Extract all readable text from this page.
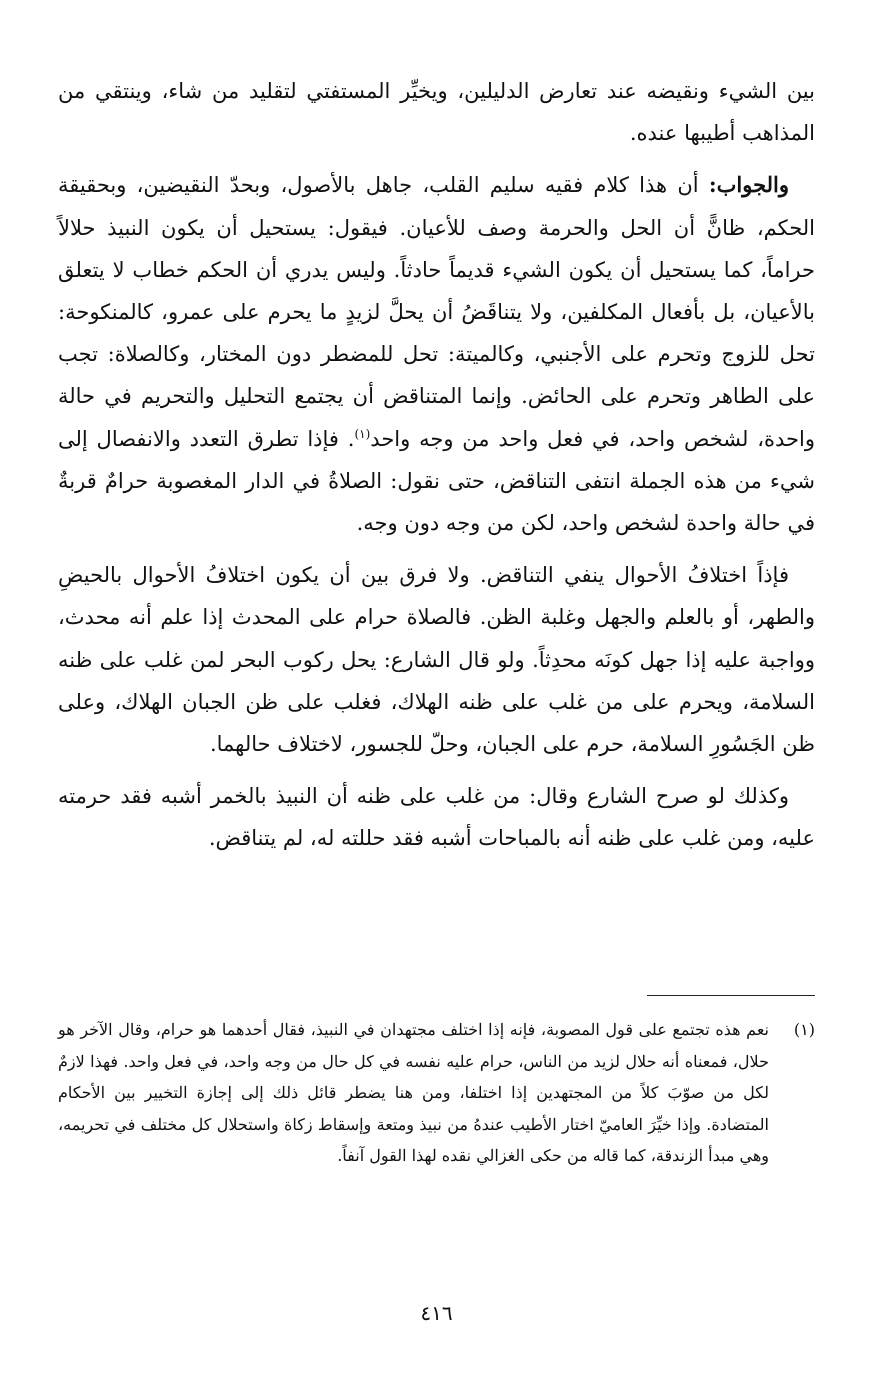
بين الشيء ونقيضه عند تعارض الدليلين، ويخيِّر المستفتي لتقليد من شاء، وينتقي من المذاهب أطيبها عنده.

والجواب: أن هذا كلام فقيه سليم القلب، جاهل بالأصول، وبحدّ النقيضين، وبحقيقة الحكم، ظانًّ أن الحل والحرمة وصف للأعيان. فيقول: يستحيل أن يكون النبيذ حلالاً حراماً، كما يستحيل أن يكون الشيء قديماً حادثاً. وليس يدري أن الحكم خطاب لا يتعلق بالأعيان، بل بأفعال المكلفين، ولا يتناقَضُ أن يحلَّ لزيدٍ ما يحرم على عمرو، كالمنكوحة: تحل للزوج وتحرم على الأجنبي، وكالميتة: تحل للمضطر دون المختار، وكالصلاة: تجب على الطاهر وتحرم على الحائض. وإنما المتناقض أن يجتمع التحليل والتحريم في حالة واحدة، لشخص واحد، في فعل واحد من وجه واحد$^{(١)}$. فإذا تطرق التعدد والانفصال إلى شيء من هذه الجملة انتفى التناقض، حتى نقول: الصلاةُ في الدار المغصوبة حرامٌ قربةٌ في حالة واحدة لشخص واحد، لكن من وجه دون وجه.

فإذاً اختلافُ الأحوال ينفي التناقض. ولا فرق بين أن يكون اختلافُ الأحوال بالحيضِ والطهر، أو بالعلم والجهل وغلبة الظن. فالصلاة حرام على المحدث إذا علم أنه محدث، وواجبة عليه إذا جهل كونَه محدِثاً. ولو قال الشارع: يحل ركوب البحر لمن غلب على ظنه السلامة، ويحرم على من غلب على ظنه الهلاك، فغلب على ظن الجبان الهلاك، وعلى ظن الجَسُورِ السلامة، حرم على الجبان، وحلّ للجسور، لاختلاف حالهما.

وكذلك لو صرح الشارع وقال: من غلب على ظنه أن النبيذ بالخمر أشبه فقد حرمته عليه، ومن غلب على ظنه أنه بالمباحات أشبه فقد حللته له، لم يتناقض.

(١)

نعم هذه تجتمع على قول المصوبة، فإنه إذا اختلف مجتهدان في النبيذ، فقال أحدهما هو حرام، وقال الآخر هو حلال، فمعناه أنه حلال لزيد من الناس، حرام عليه نفسه في كل حال من وجه واحد، في فعل واحد. فهذا لازمٌ لكل من صوّبَ كلاً من المجتهدين إذا اختلفا، ومن هنا يضطر قائل ذلك إلى إجازة التخيير بين الأحكام المتضادة. وإذا خيِّرَ العاميّ اختار الأطيب عندهُ من نبيذ ومتعة وإسقاط زكاة واستحلال كل مختلف في تحريمه، وهي مبدأ الزندقة، كما قاله من حكى الغزالي نقده لهذا القول آنفاً.

٤١٦
